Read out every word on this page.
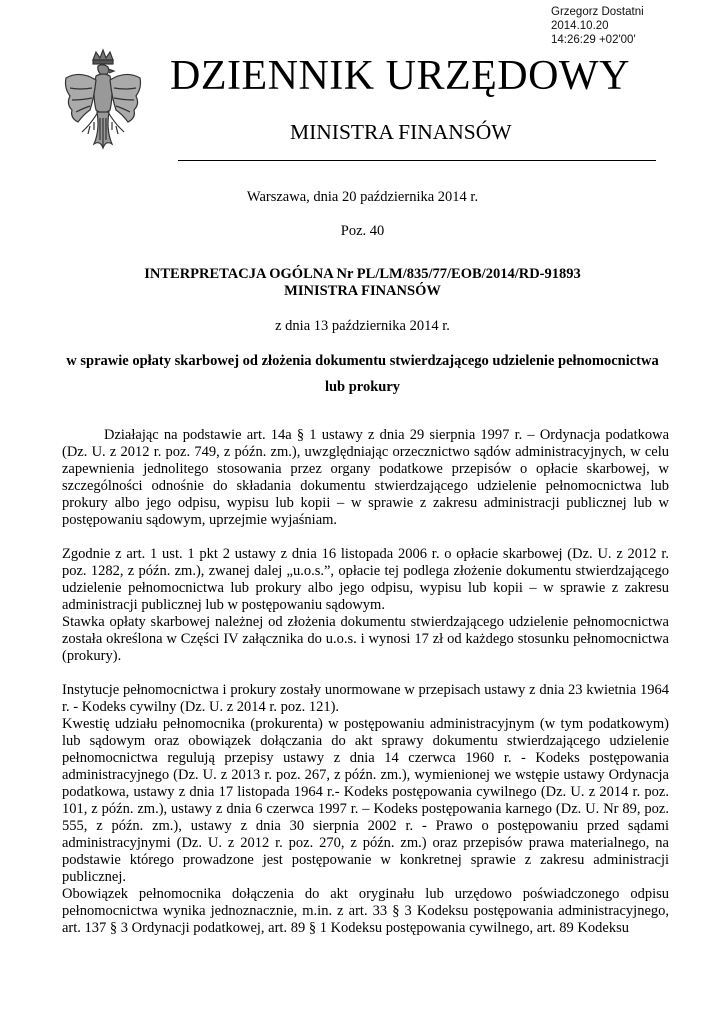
Grzegorz Dostatni
2014.10.20
14:26:29 +02'00'
DZIENNIK URZĘDOWY
MINISTRA FINANSÓW
Warszawa, dnia 20 października 2014 r.
Poz. 40
INTERPRETACJA OGÓLNA Nr PL/LM/835/77/EOB/2014/RD-91893
MINISTRA FINANSÓW
z dnia 13 października 2014 r.
w sprawie opłaty skarbowej od złożenia dokumentu stwierdzającego udzielenie pełnomocnictwa
lub prokury

Działając na podstawie art. 14a § 1 ustawy z dnia 29 sierpnia 1997 r. – Ordynacja podatkowa (Dz. U. z 2012 r. poz. 749, z późn. zm.), uwzględniając orzecznictwo sądów administracyjnych, w celu zapewnienia jednolitego stosowania przez organy podatkowe przepisów o opłacie skarbowej, w szczególności odnośnie do składania dokumentu stwierdzającego udzielenie pełnomocnictwa lub prokury albo jego odpisu, wypisu lub kopii – w sprawie z zakresu administracji publicznej lub w postępowaniu sądowym, uprzejmie wyjaśniam.

Zgodnie z art. 1 ust. 1 pkt 2 ustawy z dnia 16 listopada 2006 r. o opłacie skarbowej (Dz. U. z 2012 r. poz. 1282, z późn. zm.), zwanej dalej „u.o.s.”, opłacie tej podlega złożenie dokumentu stwierdzającego udzielenie pełnomocnictwa lub prokury albo jego odpisu, wypisu lub kopii – w sprawie z zakresu administracji publicznej lub w postępowaniu sądowym.

Stawka opłaty skarbowej należnej od złożenia dokumentu stwierdzającego udzielenie pełnomocnictwa została określona w Części IV załącznika do u.o.s. i wynosi 17 zł od każdego stosunku pełnomocnictwa (prokury).

Instytucje pełnomocnictwa i prokury zostały unormowane w przepisach ustawy z dnia 23 kwietnia 1964 r. - Kodeks cywilny (Dz. U. z 2014 r. poz. 121).

Kwestię udziału pełnomocnika (prokurenta) w postępowaniu administracyjnym (w tym podatkowym) lub sądowym oraz obowiązek dołączania do akt sprawy dokumentu stwierdzającego udzielenie pełnomocnictwa regulują przepisy ustawy z dnia 14 czerwca 1960 r. - Kodeks postępowania administracyjnego (Dz. U. z 2013 r. poz. 267, z późn. zm.), wymienionej we wstępie ustawy Ordynacja podatkowa, ustawy z dnia 17 listopada 1964 r.- Kodeks postępowania cywilnego (Dz. U. z 2014 r. poz. 101, z późn. zm.), ustawy z dnia 6 czerwca 1997 r. – Kodeks postępowania karnego (Dz. U. Nr 89, poz. 555, z późn. zm.), ustawy z dnia 30 sierpnia 2002 r. - Prawo o postępowaniu przed sądami administracyjnymi (Dz. U. z 2012 r. poz. 270, z późn. zm.) oraz przepisów prawa materialnego, na podstawie którego prowadzone jest postępowanie w konkretnej sprawie z zakresu administracji publicznej.

Obowiązek pełnomocnika dołączenia do akt oryginału lub urzędowo poświadczonego odpisu pełnomocnictwa wynika jednoznacznie, m.in. z art. 33 § 3 Kodeksu postępowania administracyjnego, art. 137 § 3 Ordynacji podatkowej, art. 89 § 1 Kodeksu postępowania cywilnego, art. 89 Kodeksu
